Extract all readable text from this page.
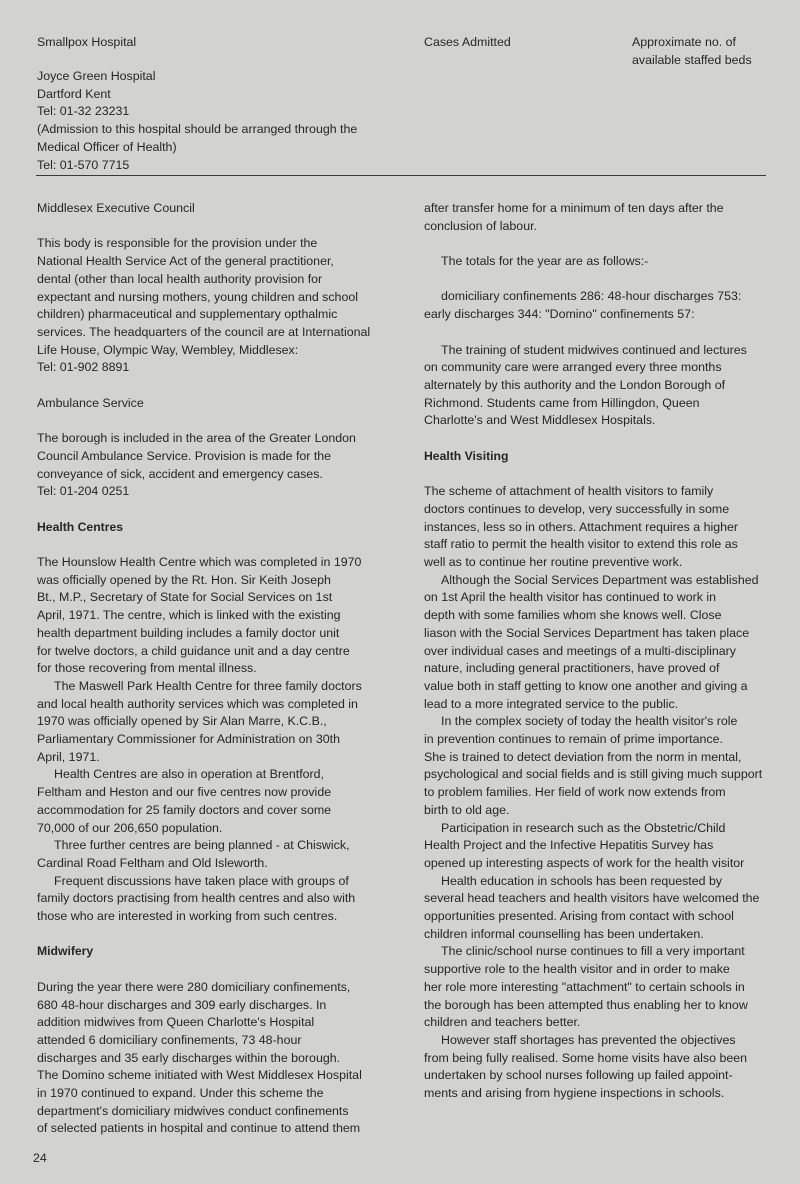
Smallpox Hospital	Cases Admitted	Approximate no. of
available staffed beds

Joyce Green Hospital
Dartford Kent
Tel: 01-32 23231
(Admission to this hospital should be arranged through the
Medical Officer of Health)
Tel: 01-570 7715

Middlesex Executive Council

This body is responsible for the provision under the
National Health Service Act of the general practitioner,
dental (other than local health authority provision for
expectant and nursing mothers, young children and school
children) pharmaceutical and supplementary opthalmic
services. The headquarters of the council are at International
Life House, Olympic Way, Wembley, Middlesex:
Tel: 01-902 8891

Ambulance Service

The borough is included in the area of the Greater London
Council Ambulance Service. Provision is made for the
conveyance of sick, accident and emergency cases.
Tel: 01-204 0251

Health Centres

The Hounslow Health Centre which was completed in 1970
was officially opened by the Rt. Hon. Sir Keith Joseph
Bt., M.P., Secretary of State for Social Services on 1st
April, 1971. The centre, which is linked with the existing
health department building includes a family doctor unit
for twelve doctors, a child guidance unit and a day centre
for those recovering from mental illness.

The Maswell Park Health Centre for three family doctors
and local health authority services which was completed in
1970 was officially opened by Sir Alan Marre, K.C.B.,
Parliamentary Commissioner for Administration on 30th
April, 1971.

Health Centres are also in operation at Brentford,
Feltham and Heston and our five centres now provide
accommodation for 25 family doctors and cover some
70,000 of our 206,650 population.

Three further centres are being planned - at Chiswick,
Cardinal Road Feltham and Old Isleworth.

Frequent discussions have taken place with groups of
family doctors practising from health centres and also with
those who are interested in working from such centres.

Midwifery

During the year there were 280 domiciliary confinements,
680 48-hour discharges and 309 early discharges. In
addition midwives from Queen Charlotte's Hospital
attended 6 domiciliary confinements, 73 48-hour
discharges and 35 early discharges within the borough.
The Domino scheme initiated with West Middlesex Hospital
in 1970 continued to expand. Under this scheme the
department's domiciliary midwives conduct confinements
of selected patients in hospital and continue to attend them

after transfer home for a minimum of ten days after the
conclusion of labour.

The totals for the year are as follows:-

domiciliary confinements 286: 48-hour discharges 753:
early discharges 344: "Domino" confinements 57:

The training of student midwives continued and lectures
on community care were arranged every three months
alternately by this authority and the London Borough of
Richmond. Students came from Hillingdon, Queen
Charlotte's and West Middlesex Hospitals.

Health Visiting

The scheme of attachment of health visitors to family
doctors continues to develop, very successfully in some
instances, less so in others. Attachment requires a higher
staff ratio to permit the health visitor to extend this role as
well as to continue her routine preventive work.

Although the Social Services Department was established
on 1st April the health visitor has continued to work in
depth with some families whom she knows well. Close
liason with the Social Services Department has taken place
over individual cases and meetings of a multi-disciplinary
nature, including general practitioners, have proved of
value both in staff getting to know one another and giving a
lead to a more integrated service to the public.

In the complex society of today the health visitor's role
in prevention continues to remain of prime importance.
She is trained to detect deviation from the norm in mental,
psychological and social fields and is still giving much support
to problem families. Her field of work now extends from
birth to old age.

Participation in research such as the Obstetric/Child
Health Project and the Infective Hepatitis Survey has
opened up interesting aspects of work for the health visitor

Health education in schools has been requested by
several head teachers and health visitors have welcomed the
opportunities presented. Arising from contact with school
children informal counselling has been undertaken.

The clinic/school nurse continues to fill a very important
supportive role to the health visitor and in order to make
her role more interesting "attachment" to certain schools in
the borough has been attempted thus enabling her to know
children and teachers better.

However staff shortages has prevented the objectives
from being fully realised. Some home visits have also been
undertaken by school nurses following up failed appoint-
ments and arising from hygiene inspections in schools.

24
